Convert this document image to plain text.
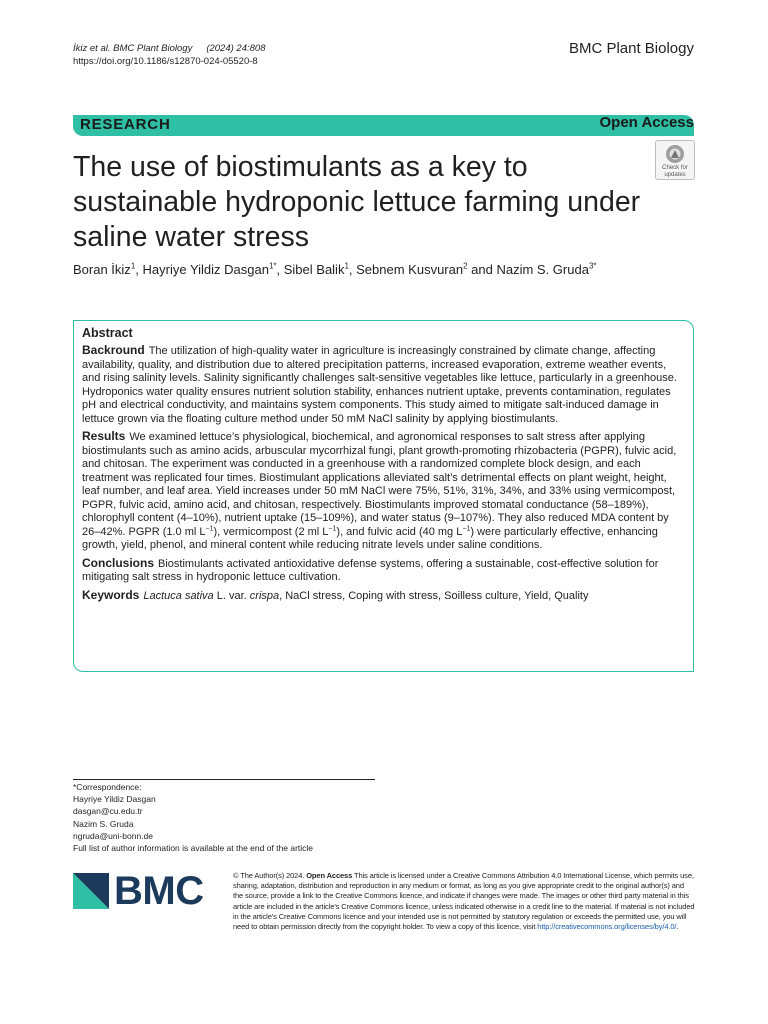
İkiz et al. BMC Plant Biology (2024) 24:808
https://doi.org/10.1186/s12870-024-05520-8
BMC Plant Biology
RESEARCH	Open Access
Check for updates
The use of biostimulants as a key to sustainable hydroponic lettuce farming under saline water stress
Boran İkiz$^1$, Hayriye Yildiz Dasgan$^{1*}$, Sibel Balik$^1$, Sebnem Kusvuran$^2$ and Nazim S. Gruda$^{3*}$
Abstract

Backround The utilization of high-quality water in agriculture is increasingly constrained by climate change, affecting availability, quality, and distribution due to altered precipitation patterns, increased evaporation, extreme weather events, and rising salinity levels. Salinity significantly challenges salt-sensitive vegetables like lettuce, particularly in a greenhouse. Hydroponics water quality ensures nutrient solution stability, enhances nutrient uptake, prevents contamination, regulates pH and electrical conductivity, and maintains system components. This study aimed to mitigate salt-induced damage in lettuce grown via the floating culture method under 50 mM NaCl salinity by applying biostimulants.

Results We examined lettuce’s physiological, biochemical, and agronomical responses to salt stress after applying biostimulants such as amino acids, arbuscular mycorrhizal fungi, plant growth-promoting rhizobacteria (PGPR), fulvic acid, and chitosan. The experiment was conducted in a greenhouse with a randomized complete block design, and each treatment was replicated four times. Biostimulant applications alleviated salt’s detrimental effects on plant weight, height, leaf number, and leaf area. Yield increases under 50 mM NaCl were 75%, 51%, 31%, 34%, and 33% using vermicompost, PGPR, fulvic acid, amino acid, and chitosan, respectively. Biostimulants improved stomatal conductance (58–189%), chlorophyll content (4–10%), nutrient uptake (15–109%), and water status (9–107%). They also reduced MDA content by 26–42%. PGPR (1.0 ml $L^{-1}$), vermicompost (2 ml $L^{-1}$), and fulvic acid (40 mg $L^{-1}$) were particularly effective, enhancing growth, yield, phenol, and mineral content while reducing nitrate levels under saline conditions.

Conclusions Biostimulants activated antioxidative defense systems, offering a sustainable, cost-effective solution for mitigating salt stress in hydroponic lettuce cultivation.

Keywords Lactuca sativa L. var. crispa, NaCl stress, Coping with stress, Soilless culture, Yield, Quality

*Correspondence:
Hayriye Yildiz Dasgan
dasgan@cu.edu.tr
Nazim S. Gruda
ngruda@uni-bonn.de
Full list of author information is available at the end of the article
BMC	© The Author(s) 2024. Open Access This article is licensed under a Creative Commons Attribution 4.0 International License, which permits use, sharing, adaptation, distribution and reproduction in any medium or format, as long as you give appropriate credit to the original author(s) and the source, provide a link to the Creative Commons licence, and indicate if changes were made. The images or other third party material in this article are included in the article’s Creative Commons licence, unless indicated otherwise in a credit line to the material. If material is not included in the article’s Creative Commons licence and your intended use is not permitted by statutory regulation or exceeds the permitted use, you will need to obtain permission directly from the copyright holder. To view a copy of this licence, visit http://creativecommons.org/licenses/by/4.0/.
